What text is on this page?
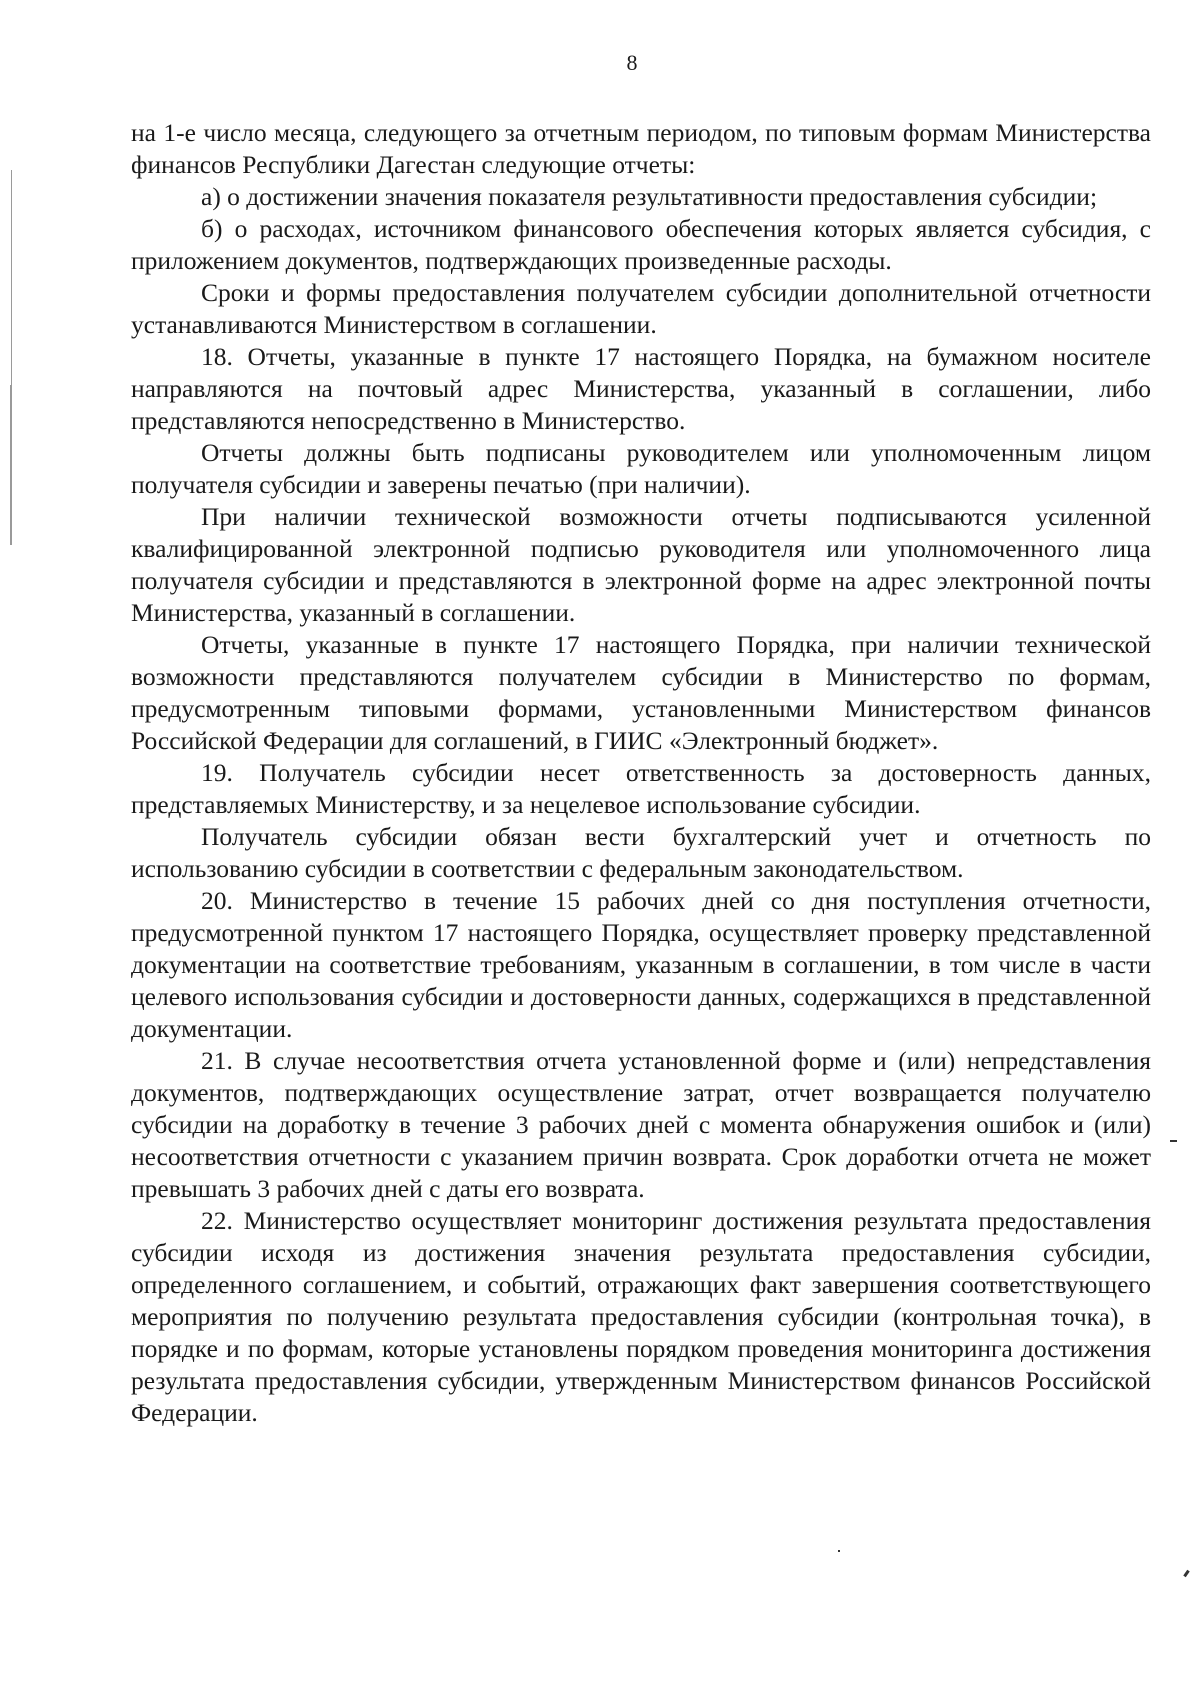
8

на 1-е число месяца, следующего за отчетным периодом, по типовым формам Министерства финансов Республики Дагестан следующие отчеты:

а) о достижении значения показателя результативности предоставления субсидии;

б) о расходах, источником финансового обеспечения которых является субсидия, с приложением документов, подтверждающих произведенные расходы.

Сроки и формы предоставления получателем субсидии дополнительной отчетности устанавливаются Министерством в соглашении.

18. Отчеты, указанные в пункте 17 настоящего Порядка, на бумажном носителе направляются на почтовый адрес Министерства, указанный в соглашении, либо представляются непосредственно в Министерство.

Отчеты должны быть подписаны руководителем или уполномоченным лицом получателя субсидии и заверены печатью (при наличии).

При наличии технической возможности отчеты подписываются усиленной квалифицированной электронной подписью руководителя или уполномоченного лица получателя субсидии и представляются в электронной форме на адрес электронной почты Министерства, указанный в соглашении.

Отчеты, указанные в пункте 17 настоящего Порядка, при наличии технической возможности представляются получателем субсидии в Министерство по формам, предусмотренным типовыми формами, установленными Министерством финансов Российской Федерации для соглашений, в ГИИС «Электронный бюджет».

19. Получатель субсидии несет ответственность за достоверность данных, представляемых Министерству, и за нецелевое использование субсидии.

Получатель субсидии обязан вести бухгалтерский учет и отчетность по использованию субсидии в соответствии с федеральным законодательством.

20. Министерство в течение 15 рабочих дней со дня поступления отчетности, предусмотренной пунктом 17 настоящего Порядка, осуществляет проверку представленной документации на соответствие требованиям, указанным в соглашении, в том числе в части целевого использования субсидии и достоверности данных, содержащихся в представленной документации.

21. В случае несоответствия отчета установленной форме и (или) непредставления документов, подтверждающих осуществление затрат, отчет возвращается получателю субсидии на доработку в течение 3 рабочих дней с момента обнаружения ошибок и (или) несоответствия отчетности с указанием причин возврата. Срок доработки отчета не может превышать 3 рабочих дней с даты его возврата.

22. Министерство осуществляет мониторинг достижения результата предоставления субсидии исходя из достижения значения результата предоставления субсидии, определенного соглашением, и событий, отражающих факт завершения соответствующего мероприятия по получению результата предоставления субсидии (контрольная точка), в порядке и по формам, которые установлены порядком проведения мониторинга достижения результата предоставления субсидии, утвержденным Министерством финансов Российской Федерации.
